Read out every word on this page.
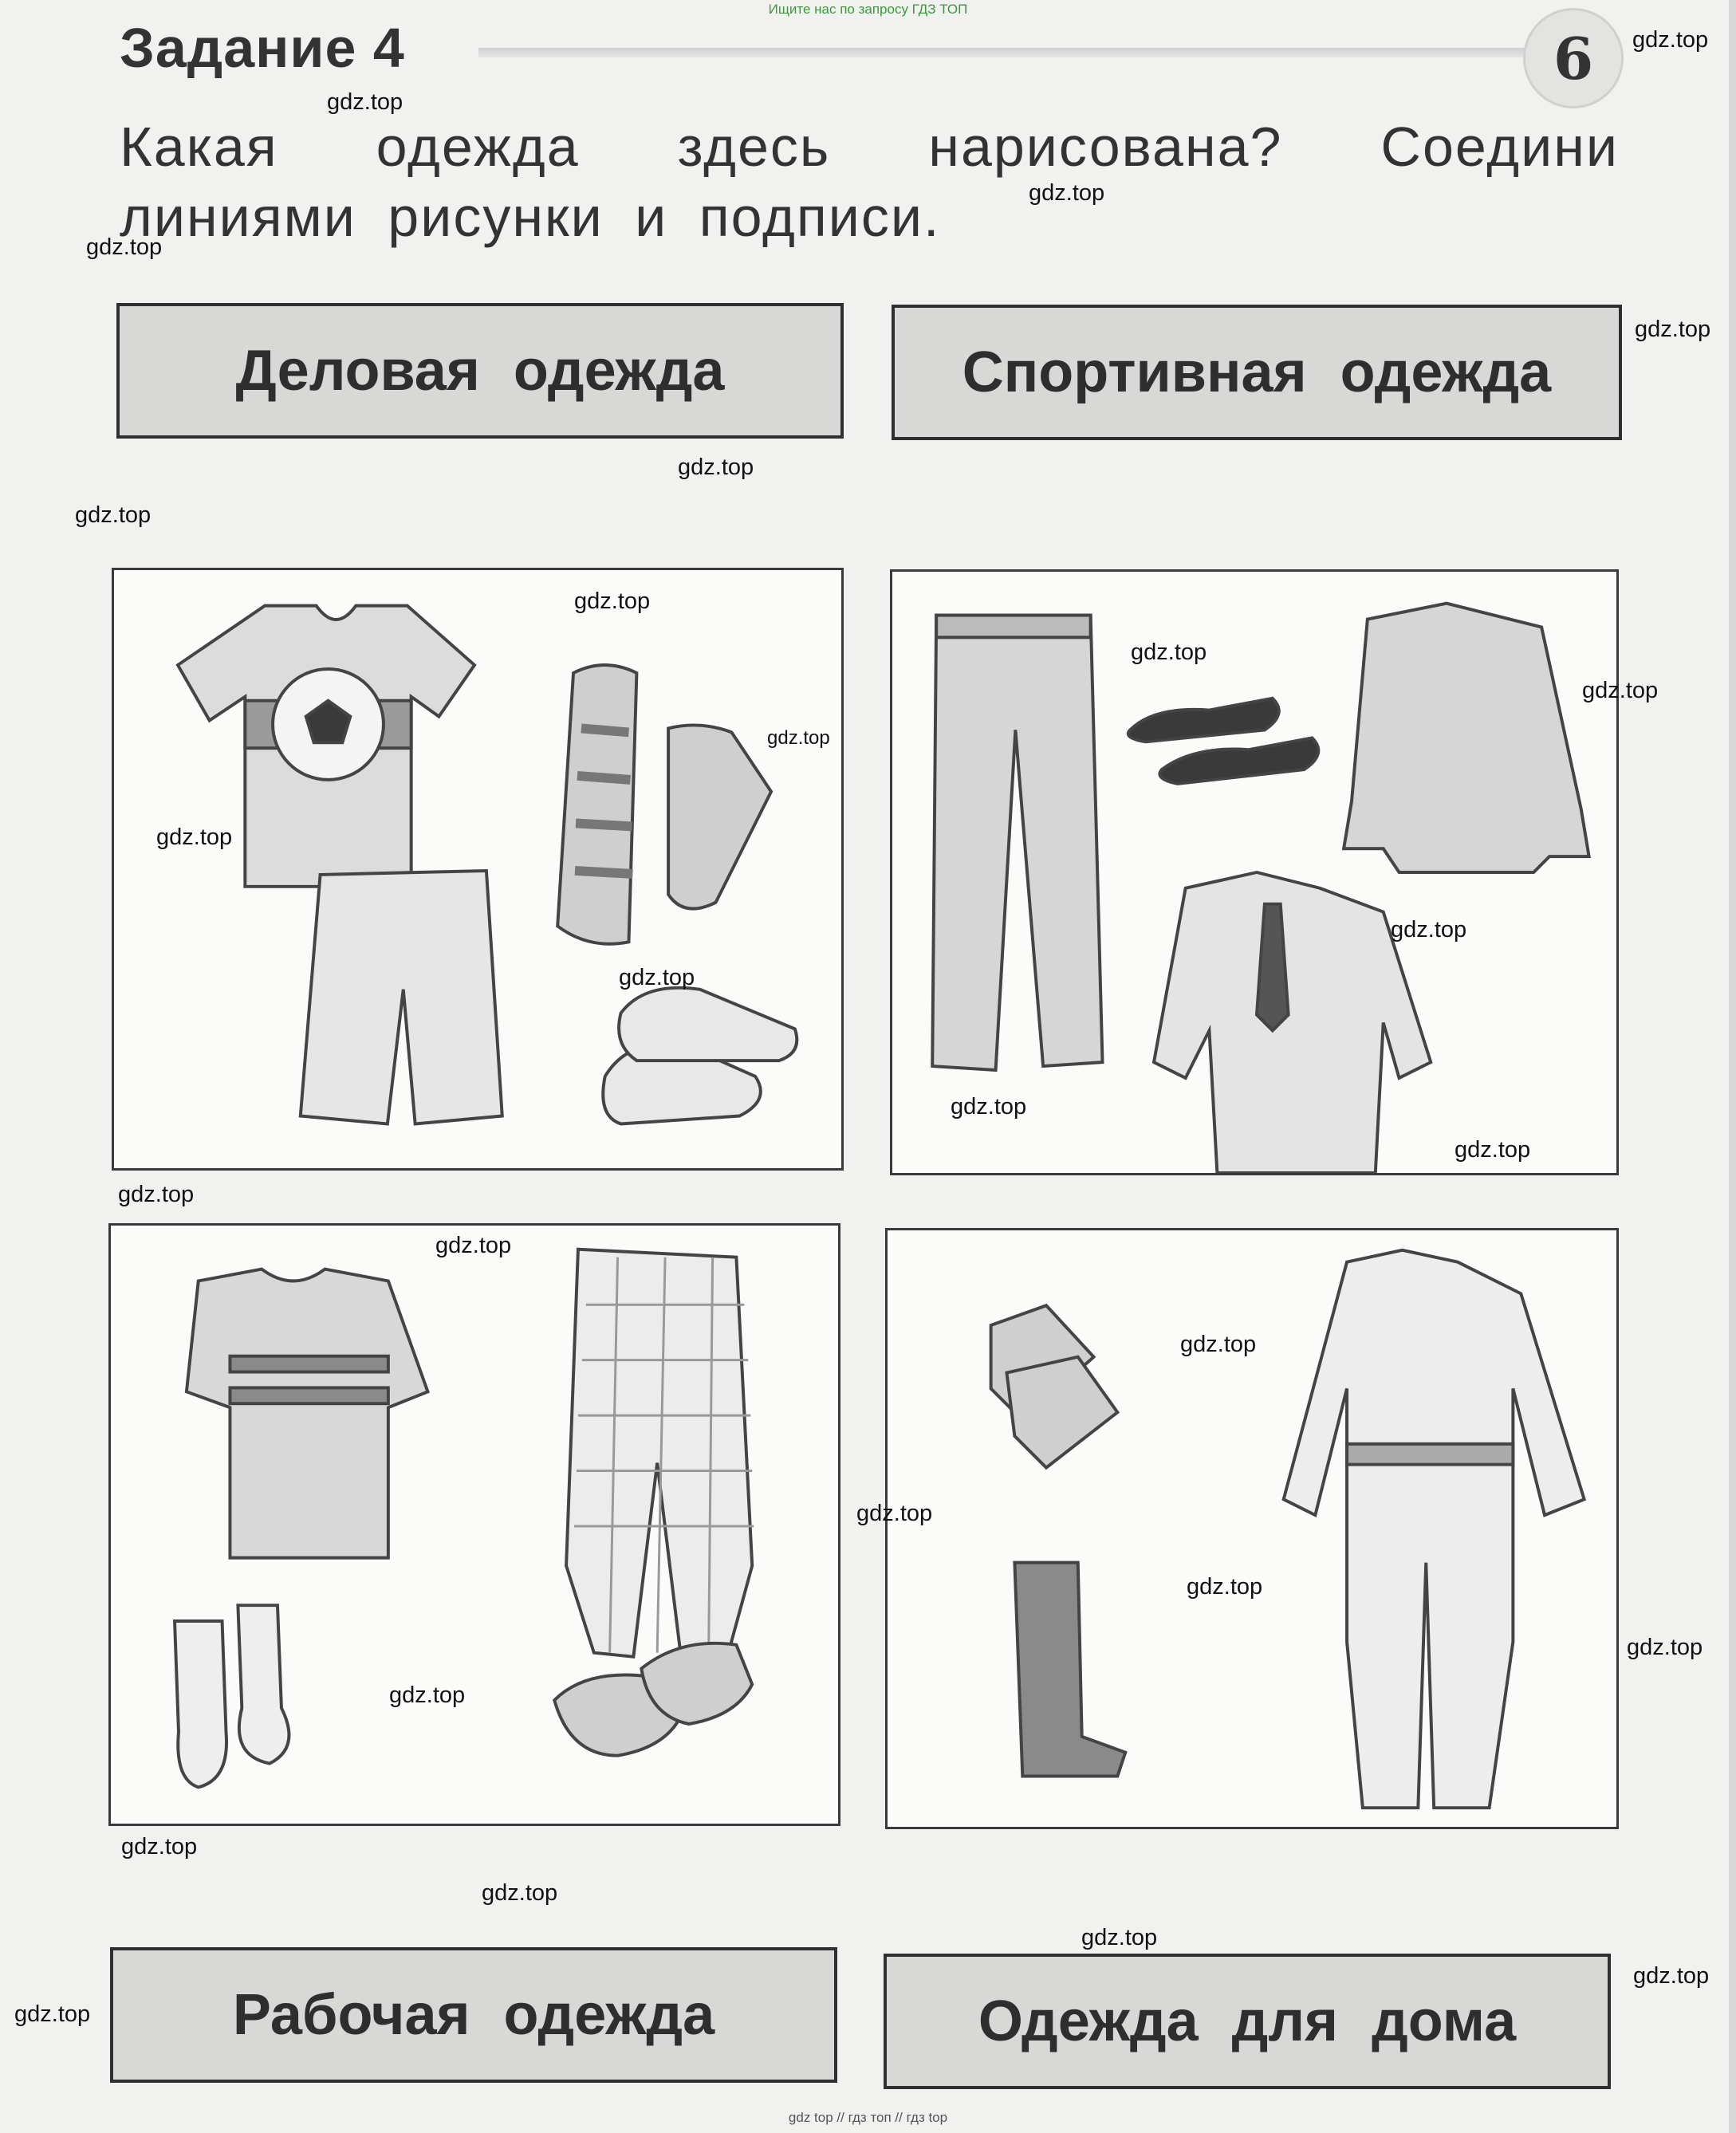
Ищите нас по запросу ГДЗ ТОП
Задание 4	6
Какая одежда здесь нарисована? Соедини линиями рисунки и подписи.
Деловая одежда	Спортивная одежда
Рабочая одежда	Одежда для дома
gdz.top
gdz.top
gdz.top
gdz.top
gdz.top
gdz.top
gdz.top
gdz.top
gdz.top
gdz.top
gdz.top
gdz.top
gdz.top
gdz.top
gdz.top
gdz.top
gdz.top
gdz.top
gdz.top
gdz.top
gdz.top
gdz.top
gdz.top
gdz.top
gdz.top
gdz.top
gdz.top
gdz.top
gdz top // гдз топ // гдз top
